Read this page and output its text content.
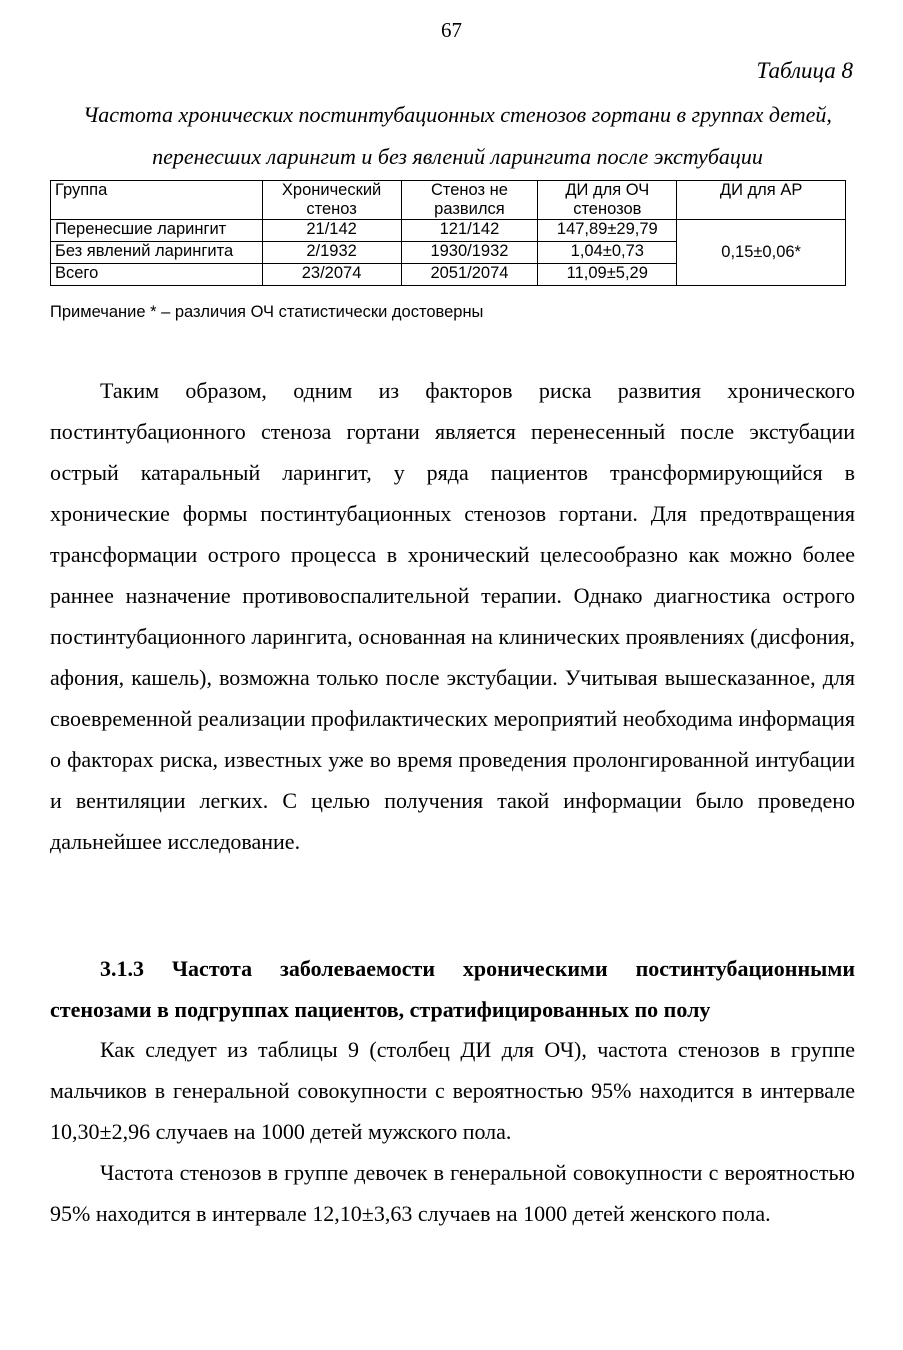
67
Таблица 8
Частота хронических постинтубационных стенозов гортани в группах детей, перенесших ларингит и без явлений ларингита после экстубации
Группа	Хронический стеноз	Стеноз не развился	ДИ для ОЧ стенозов	ДИ для AP
Перенесшие ларингит	21/142	121/142	147,89±29,79	0,15±0,06*
Без явлений ларингита	2/1932	1930/1932	1,04±0,73	
Всего	23/2074	2051/2074	11,09±5,29	
Примечание * – различия ОЧ статистически достоверны

Таким образом, одним из факторов риска развития хронического постинтубационного стеноза гортани является перенесенный после экстубации острый катаральный ларингит, у ряда пациентов трансформирующийся в хронические формы постинтубационных стенозов гортани. Для предотвращения трансформации острого процесса в хронический целесообразно как можно более раннее назначение противовоспалительной терапии. Однако диагностика острого постинтубационного ларингита, основанная на клинических проявлениях (дисфония, афония, кашель), возможна только после экстубации. Учитывая вышесказанное, для своевременной реализации профилактических мероприятий необходима информация о факторах риска, известных уже во время проведения пролонгированной интубации и вентиляции легких. С целью получения такой информации было проведено дальнейшее исследование.

3.1.3 Частота заболеваемости хроническими постинтубационными стенозами в подгруппах пациентов, стратифицированных по полу

Как следует из таблицы 9 (столбец ДИ для ОЧ), частота стенозов в группе мальчиков в генеральной совокупности с вероятностью 95% находится в интервале 10,30±2,96 случаев на 1000 детей мужского пола.

Частота стенозов в группе девочек в генеральной совокупности с вероятностью 95% находится в интервале 12,10±3,63 случаев на 1000 детей женского пола.
